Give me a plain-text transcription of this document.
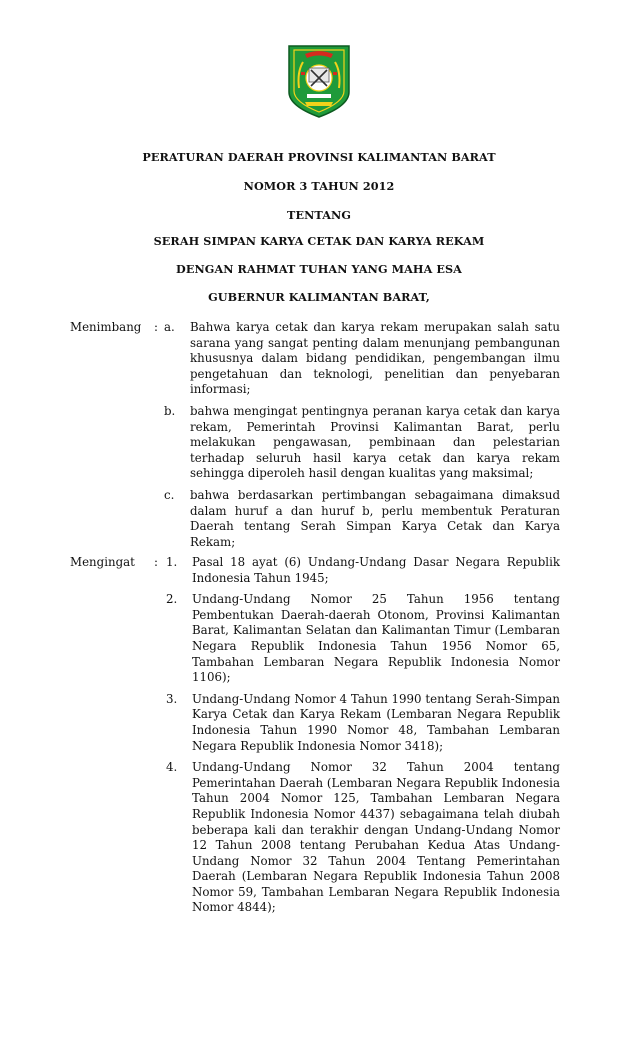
PERATURAN DAERAH PROVINSI KALIMANTAN BARAT

NOMOR 3 TAHUN 2012

TENTANG

SERAH SIMPAN KARYA CETAK DAN KARYA REKAM

DENGAN RAHMAT TUHAN YANG MAHA ESA

GUBERNUR KALIMANTAN BARAT,

Menimbang	: a.	Bahwa karya cetak dan karya rekam merupakan salah satu sarana yang sangat penting dalam menunjang pembangunan khususnya dalam bidang pendidikan, pengembangan ilmu pengetahuan dan teknologi, penelitian dan penyebaran informasi;
b.	bahwa mengingat pentingnya peranan karya cetak dan karya rekam, Pemerintah Provinsi Kalimantan Barat, perlu melakukan pengawasan, pembinaan dan pelestarian terhadap seluruh hasil karya cetak dan karya rekam sehingga diperoleh hasil dengan kualitas yang maksimal;
c.	bahwa berdasarkan pertimbangan sebagaimana dimaksud dalam huruf a dan huruf b, perlu membentuk Peraturan Daerah tentang Serah Simpan Karya Cetak dan Karya Rekam;
Mengingat	: 1.	Pasal 18 ayat (6) Undang-Undang Dasar Negara Republik Indonesia Tahun 1945;
2.	Undang-Undang Nomor 25 Tahun 1956 tentang Pembentukan Daerah-daerah Otonom, Provinsi Kalimantan Barat, Kalimantan Selatan dan Kalimantan Timur (Lembaran Negara Republik Indonesia Tahun 1956 Nomor 65, Tambahan Lembaran Negara Republik Indonesia Nomor 1106);
3.	Undang-Undang Nomor 4 Tahun 1990 tentang Serah-Simpan Karya Cetak dan Karya Rekam (Lembaran Negara Republik Indonesia Tahun 1990 Nomor 48, Tambahan Lembaran Negara Republik Indonesia Nomor 3418);
4.	Undang-Undang Nomor 32 Tahun 2004 tentang Pemerintahan Daerah (Lembaran Negara Republik Indonesia Tahun 2004 Nomor 125, Tambahan Lembaran Negara Republik Indonesia Nomor 4437) sebagaimana telah diubah beberapa kali dan terakhir dengan Undang-Undang Nomor 12 Tahun 2008 tentang Perubahan Kedua Atas Undang-Undang Nomor 32 Tahun 2004 Tentang Pemerintahan Daerah (Lembaran Negara Republik Indonesia Tahun 2008 Nomor 59, Tambahan Lembaran Negara Republik Indonesia Nomor 4844);
